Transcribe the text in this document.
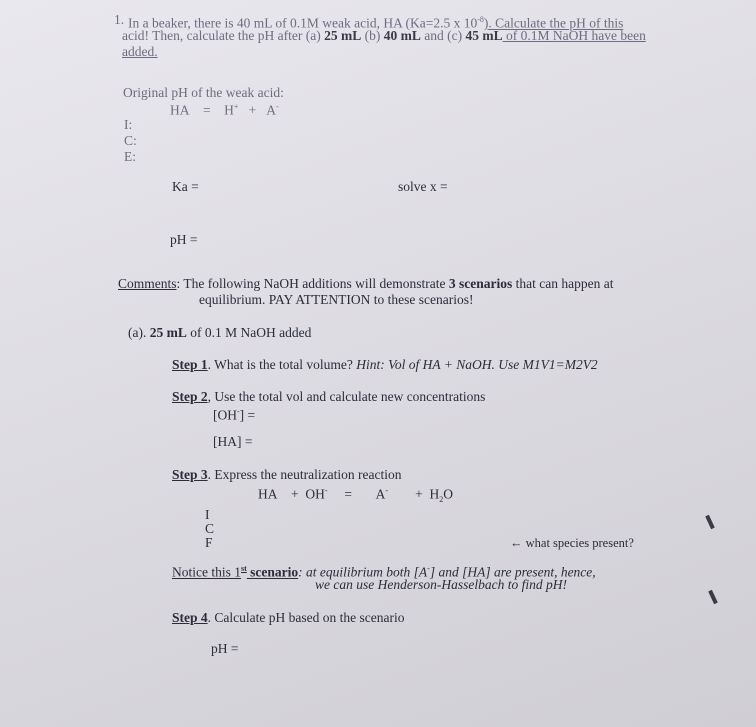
1. In a beaker, there is 40 mL of 0.1M weak acid, HA (Ka=2.5 x $10^{-8}$). Calculate the pH of this
acid! Then, calculate the pH after (a) 25 mL (b) 40 mL and (c) 45 mL of 0.1M NaOH have been
added.
Original pH of the weak acid:
HA = H+ + A-
I:
C:
E:
Ka =	solve x =
pH =
Comments: The following NaOH additions will demonstrate 3 scenarios that can happen at
equilibrium. PAY ATTENTION to these scenarios!
(a). 25 mL of 0.1 M NaOH added
Step 1. What is the total volume? Hint: Vol of HA + NaOH. Use M1V1=M2V2
Step 2, Use the total vol and calculate new concentrations
[OH-] =
[HA] =
Step 3. Express the neutralization reaction
HA + $OH^- = A^- + H_2O$
I
C
F	← what species present?
Notice this 1st scenario: at equilibrium both [A-] and [HA] are present, hence,
we can use Henderson-Hasselbach to find pH!
Step 4. Calculate pH based on the scenario
pH =
